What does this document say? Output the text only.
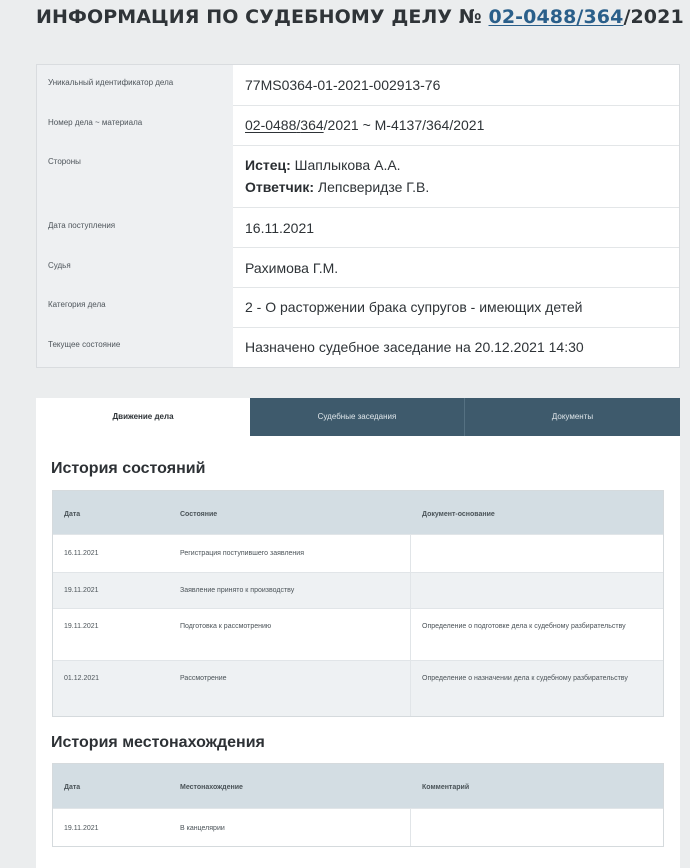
ИНФОРМАЦИЯ ПО СУДЕБНОМУ ДЕЛУ № 02-0488/364/2021
Уникальный идентификатор дела	77MS0364-01-2021-002913-76
Номер дела ~ материала	02-0488/364/2021 ~ М-4137/364/2021
Стороны	Истец: Шаплыкова А.А.
Ответчик: Лепсверидзе Г.В.
Дата поступления	16.11.2021
Судья	Рахимова Г.М.
Категория дела	2 - О расторжении брака супругов - имеющих детей
Текущее состояние	Назначено судебное заседание на 20.12.2021 14:30
Движение дела	Судебные заседания	Документы
История состояний
Дата	Состояние	Документ-основание
16.11.2021	Регистрация поступившего заявления
19.11.2021	Заявление принято к производству
19.11.2021	Подготовка к рассмотрению	Определение о подготовке дела к судебному разбирательству
01.12.2021	Рассмотрение	Определение о назначении дела к судебному разбирательству
История местонахождения
Дата	Местонахождение	Комментарий
19.11.2021	В канцелярии
